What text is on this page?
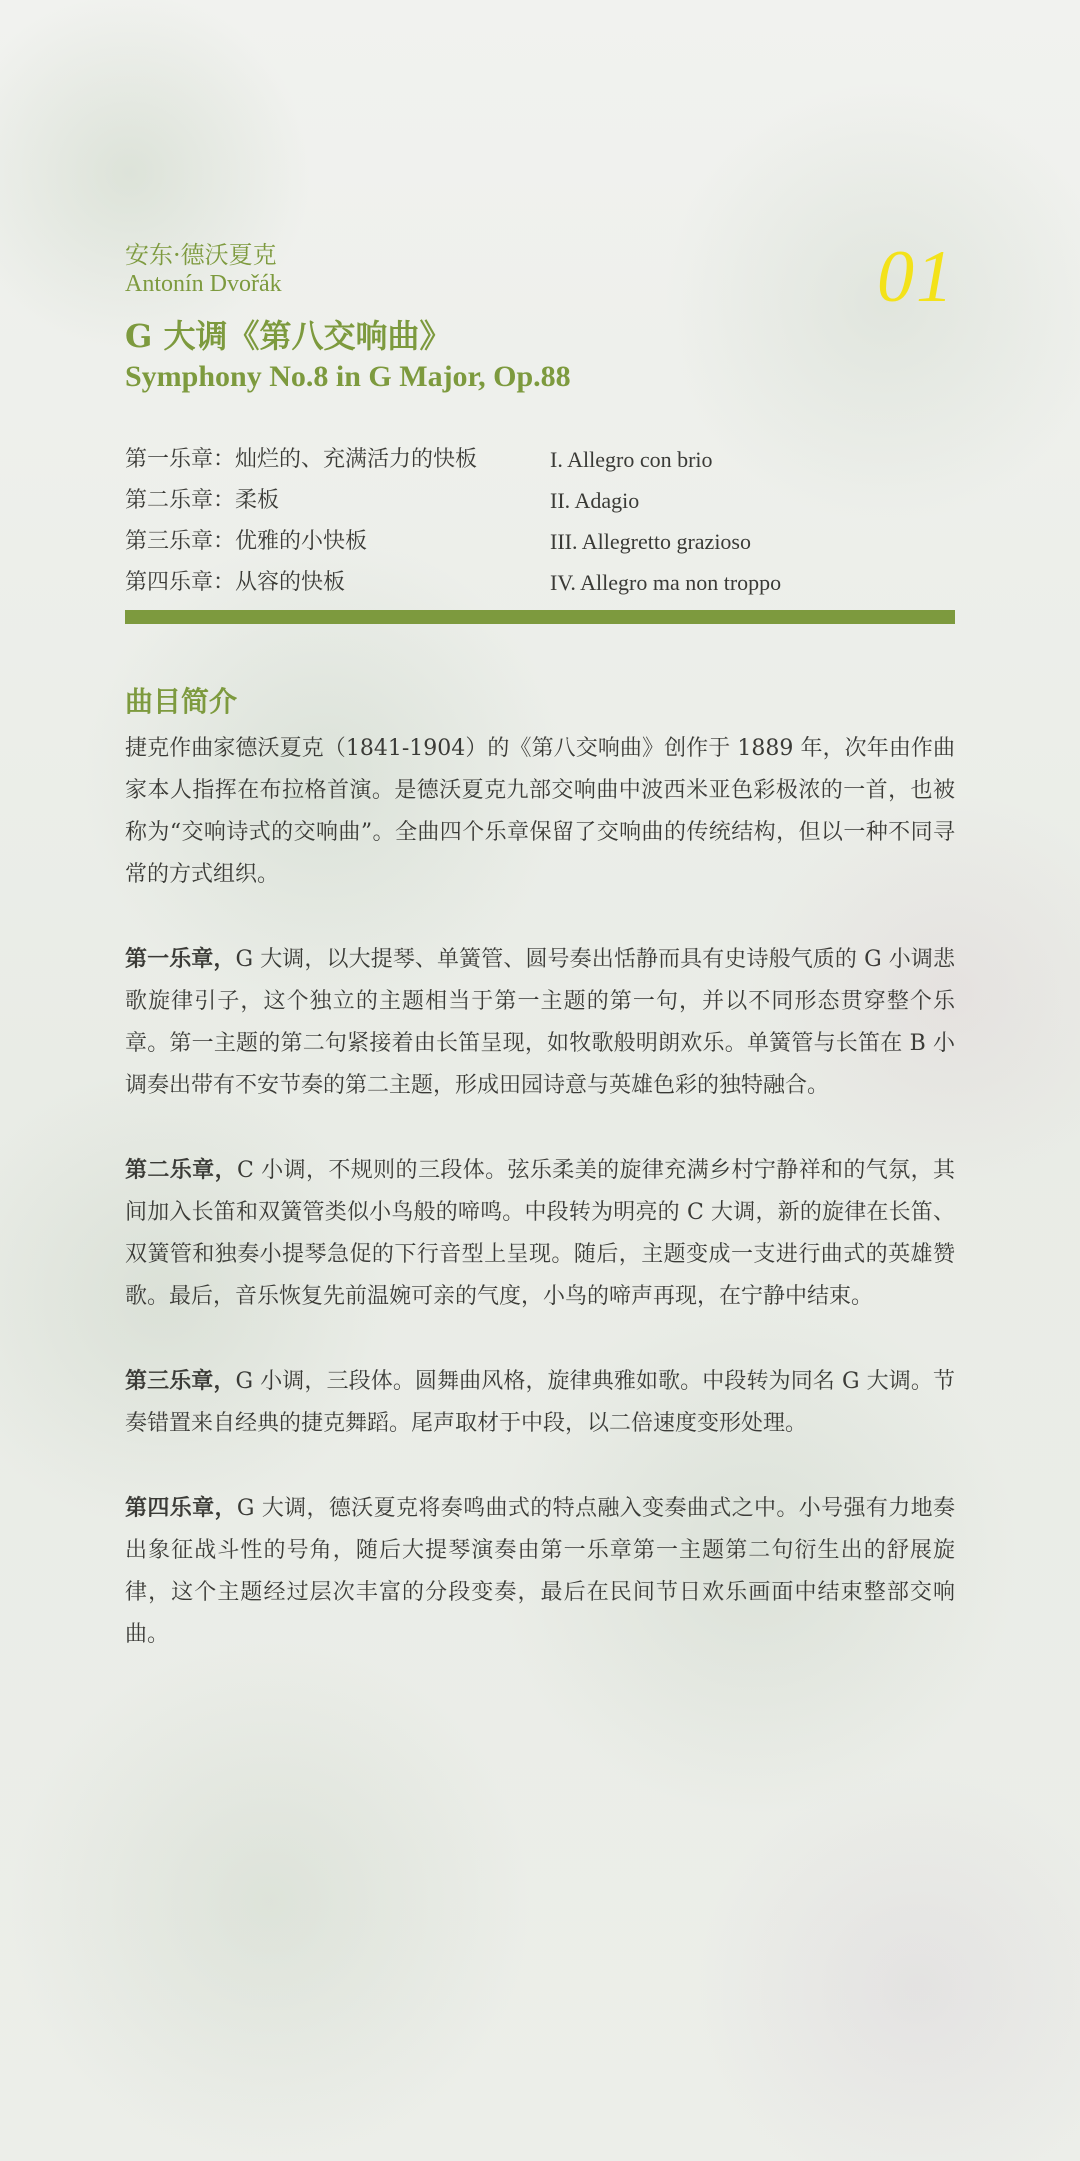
01

安东·德沃夏克

Antonín Dvořák

G 大调《第八交响曲》
Symphony No.8 in G Major, Op.88
第一乐章：灿烂的、充满活力的快板	I. Allegro con brio
第二乐章：柔板	II. Adagio
第三乐章：优雅的小快板	III. Allegretto grazioso
第四乐章：从容的快板	IV. Allegro ma non troppo
曲目简介

捷克作曲家德沃夏克（1841-1904）的《第八交响曲》创作于 1889 年，次年由作曲家本人指挥在布拉格首演。是德沃夏克九部交响曲中波西米亚色彩极浓的一首，也被称为“交响诗式的交响曲”。全曲四个乐章保留了交响曲的传统结构，但以一种不同寻常的方式组织。

第一乐章，G 大调，以大提琴、单簧管、圆号奏出恬静而具有史诗般气质的 G 小调悲歌旋律引子，这个独立的主题相当于第一主题的第一句，并以不同形态贯穿整个乐章。第一主题的第二句紧接着由长笛呈现，如牧歌般明朗欢乐。单簧管与长笛在 B 小调奏出带有不安节奏的第二主题，形成田园诗意与英雄色彩的独特融合。

第二乐章，C 小调，不规则的三段体。弦乐柔美的旋律充满乡村宁静祥和的气氛，其间加入长笛和双簧管类似小鸟般的啼鸣。中段转为明亮的 C 大调，新的旋律在长笛、双簧管和独奏小提琴急促的下行音型上呈现。随后，主题变成一支进行曲式的英雄赞歌。最后，音乐恢复先前温婉可亲的气度，小鸟的啼声再现，在宁静中结束。

第三乐章，G 小调，三段体。圆舞曲风格，旋律典雅如歌。中段转为同名 G 大调。节奏错置来自经典的捷克舞蹈。尾声取材于中段，以二倍速度变形处理。

第四乐章，G 大调，德沃夏克将奏鸣曲式的特点融入变奏曲式之中。小号强有力地奏出象征战斗性的号角，随后大提琴演奏由第一乐章第一主题第二句衍生出的舒展旋律，这个主题经过层次丰富的分段变奏，最后在民间节日欢乐画面中结束整部交响曲。
